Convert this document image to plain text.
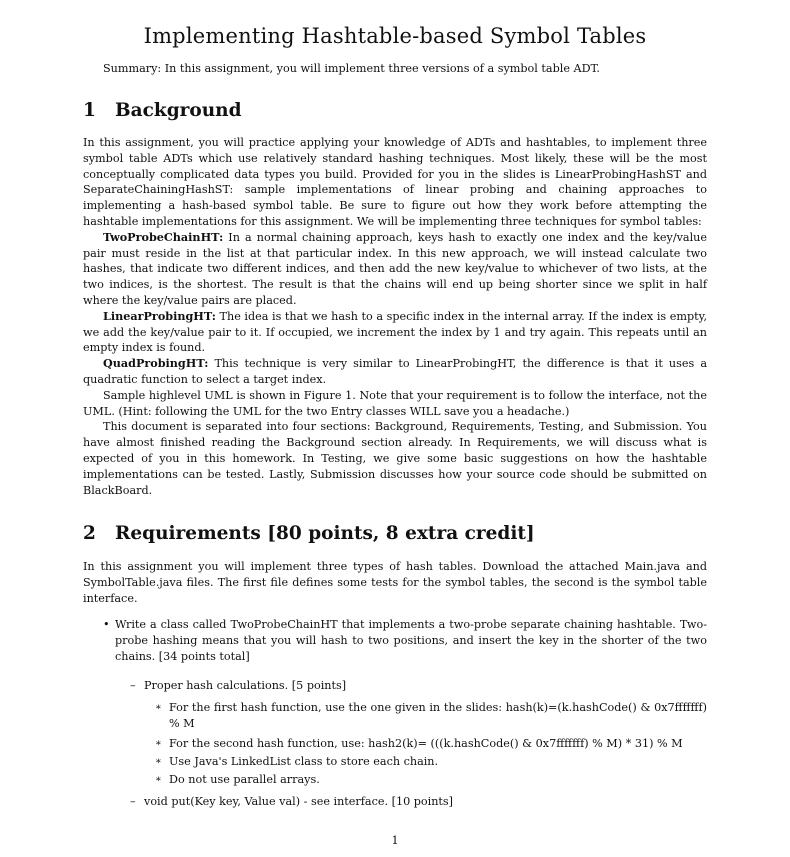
Implementing Hashtable-based Symbol Tables
Summary: In this assignment, you will implement three versions of a symbol table ADT.
1 Background

In this assignment, you will practice applying your knowledge of ADTs and hashtables, to implement three symbol table ADTs which use relatively standard hashing techniques. Most likely, these will be the most conceptually complicated data types you build. Provided for you in the slides is LinearProbingHashST and SeparateChainingHashST: sample implementations of linear probing and chaining approaches to implementing a hash-based symbol table. Be sure to figure out how they work before attempting the hashtable implementations for this assignment. We will be implementing three techniques for symbol tables:

TwoProbeChainHT: In a normal chaining approach, keys hash to exactly one index and the key/value pair must reside in the list at that particular index. In this new approach, we will instead calculate two hashes, that indicate two different indices, and then add the new key/value to whichever of two lists, at the two indices, is the shortest. The result is that the chains will end up being shorter since we split in half where the key/value pairs are placed.

LinearProbingHT: The idea is that we hash to a specific index in the internal array. If the index is empty, we add the key/value pair to it. If occupied, we increment the index by 1 and try again. This repeats until an empty index is found.

QuadProbingHT: This technique is very similar to LinearProbingHT, the difference is that it uses a quadratic function to select a target index.

Sample highlevel UML is shown in Figure 1. Note that your requirement is to follow the interface, not the UML. (Hint: following the UML for the two Entry classes WILL save you a headache.)

This document is separated into four sections: Background, Requirements, Testing, and Submission. You have almost finished reading the Background section already. In Requirements, we will discuss what is expected of you in this homework. In Testing, we give some basic suggestions on how the hashtable implementations can be tested. Lastly, Submission discusses how your source code should be submitted on BlackBoard.

2 Requirements [80 points, 8 extra credit]
In this assignment you will implement three types of hash tables. Download the attached Main.java and SymbolTable.java files. The first file defines some tests for the symbol tables, the second is the symbol table interface.
• Write a class called TwoProbeChainHT that implements a two-probe separate chaining hashtable. Two-probe hashing means that you will hash to two positions, and insert the key in the shorter of the two chains. [34 points total]
– Proper hash calculations. [5 points]
∗ For the first hash function, use the one given in the slides: hash(k)=(k.hashCode() & 0x7fffffff) % M
∗ For the second hash function, use: hash2(k)= (((k.hashCode() & 0x7fffffff) % M) * 31) % M
∗ Use Java's LinkedList class to store each chain.
∗ Do not use parallel arrays.
– void put(Key key, Value val) - see interface. [10 points]
1
